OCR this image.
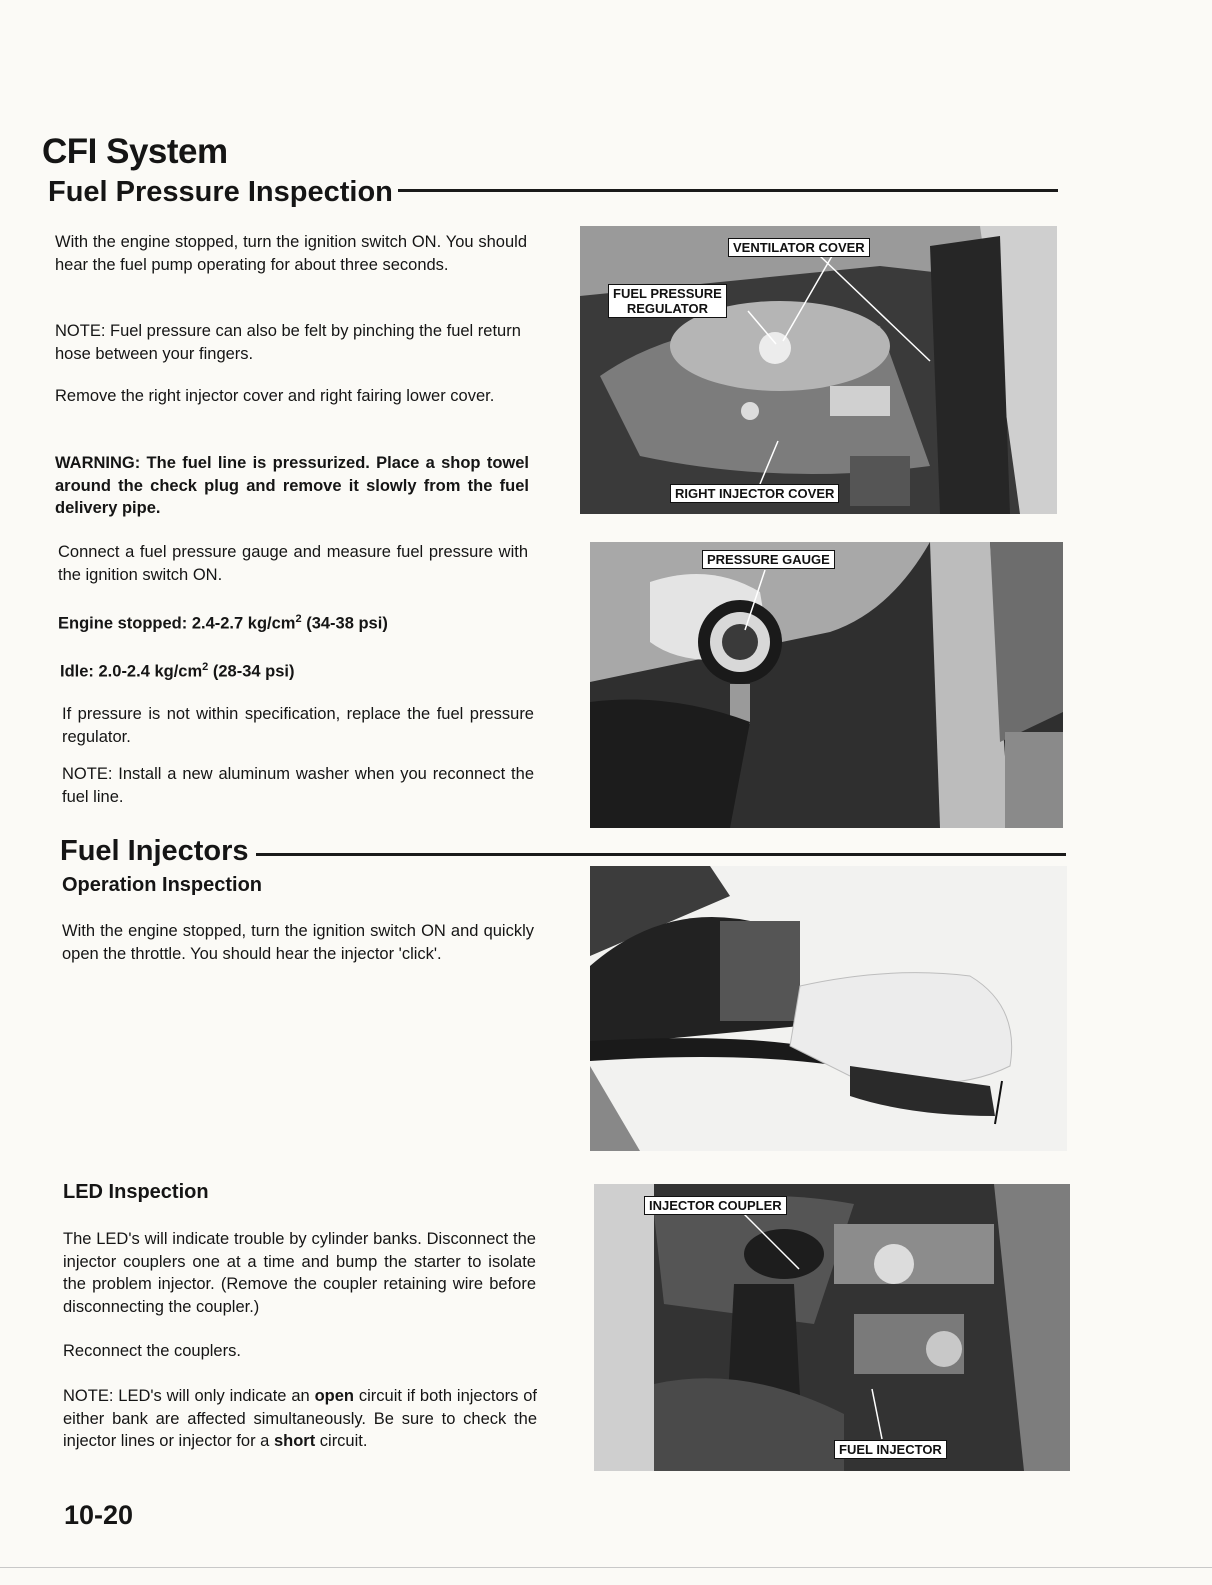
CFI System
Fuel Pressure Inspection

With the engine stopped, turn the ignition switch ON. You should hear the fuel pump operating for about three seconds.

NOTE: Fuel pressure can also be felt by pinching the fuel return hose between your fingers.

Remove the right injector cover and right fairing lower cover.

WARNING: The fuel line is pressurized. Place a shop towel around the check plug and remove it slowly from the fuel delivery pipe.

Connect a fuel pressure gauge and measure fuel pressure with the ignition switch ON.

Engine stopped: 2.4-2.7 $kg/cm^2$ (34-38 psi)

Idle: 2.0-2.4 $kg/cm^2$ (28-34 psi)

If pressure is not within specification, replace the fuel pressure regulator.

NOTE: Install a new aluminum washer when you reconnect the fuel line.

VENTILATOR COVER
FUEL PRESSURE
REGULATOR
RIGHT INJECTOR COVER
PRESSURE GAUGE
Fuel Injectors
Operation Inspection

With the engine stopped, turn the ignition switch ON and quickly open the throttle. You should hear the injector 'click'.

LED Inspection

The LED's will indicate trouble by cylinder banks. Disconnect the injector couplers one at a time and bump the starter to isolate the problem injector. (Remove the coupler retaining wire before disconnecting the coupler.)

Reconnect the couplers.

NOTE: LED's will only indicate an open circuit if both injectors of either bank are affected simultaneously. Be sure to check the injector lines or injector for a short circuit.

INJECTOR COUPLER
FUEL INJECTOR

10-20
